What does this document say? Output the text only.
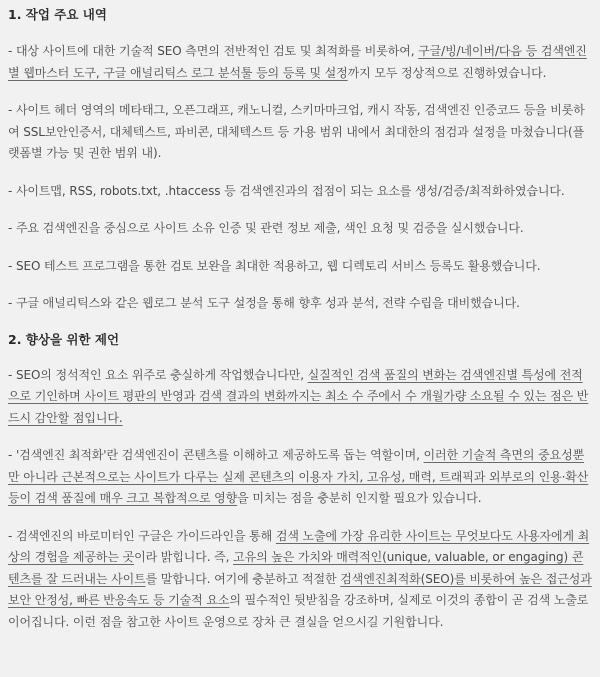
1. 작업 주요 내역

- 대상 사이트에 대한 기술적 SEO 측면의 전반적인 검토 및 최적화를 비롯하여, 구글/빙/네이버/다음 등 검색엔진별 웹마스터 도구, 구글 애널리틱스 로그 분석툴 등의 등록 및 설정까지 모두 정상적으로 진행하였습니다.

- 사이트 헤더 영역의 메타태그, 오픈그래프, 캐노니컬, 스키마마크업, 캐시 작동, 검색엔진 인증코드 등을 비롯하여 SSL보안인증서, 대체텍스트, 파비콘, 대체텍스트 등 가용 범위 내에서 최대한의 점검과 설정을 마쳤습니다(플랫폼별 가능 및 권한 범위 내).

- 사이트맵, RSS, robots.txt, .htaccess 등 검색엔진과의 접점이 되는 요소를 생성/검증/최적화하였습니다.

- 주요 검색엔진을 중심으로 사이트 소유 인증 및 관련 정보 제출, 색인 요청 및 검증을 실시했습니다.

- SEO 테스트 프로그램을 통한 검토 보완을 최대한 적용하고, 웹 디렉토리 서비스 등록도 활용했습니다.

- 구글 애널리틱스와 같은 웹로그 분석 도구 설정을 통해 향후 성과 분석, 전략 수립을 대비했습니다.

2. 향상을 위한 제언

- SEO의 정석적인 요소 위주로 충실하게 작업했습니다만, 실질적인 검색 품질의 변화는 검색엔진별 특성에 전적으로 기인하며 사이트 평판의 반영과 검색 결과의 변화까지는 최소 수 주에서 수 개월가량 소요될 수 있는 점은 반드시 감안할 점입니다.

- '검색엔진 최적화'란 검색엔진이 콘텐츠를 이해하고 제공하도록 돕는 역할이며, 이러한 기술적 측면의 중요성뿐만 아니라 근본적으로는 사이트가 다루는 실제 콘텐츠의 이용자 가치, 고유성, 매력, 트래픽과 외부로의 인용·확산 등이 검색 품질에 매우 크고 복합적으로 영향을 미치는 점을 충분히 인지할 필요가 있습니다.

- 검색엔진의 바로미터인 구글은 가이드라인을 통해 검색 노출에 가장 유리한 사이트는 무엇보다도 사용자에게 최상의 경험을 제공하는 곳이라 밝힙니다. 즉, 고유의 높은 가치와 매력적인(unique, valuable, or engaging) 콘텐츠를 잘 드러내는 사이트를 말합니다. 여기에 충분하고 적절한 검색엔진최적화(SEO)를 비롯하여 높은 접근성과 보안 안정성, 빠른 반응속도 등 기술적 요소의 필수적인 뒷받침을 강조하며, 실제로 이것의 종합이 곧 검색 노출로 이어집니다. 이런 점을 참고한 사이트 운영으로 장차 큰 결실을 얻으시길 기원합니다.
